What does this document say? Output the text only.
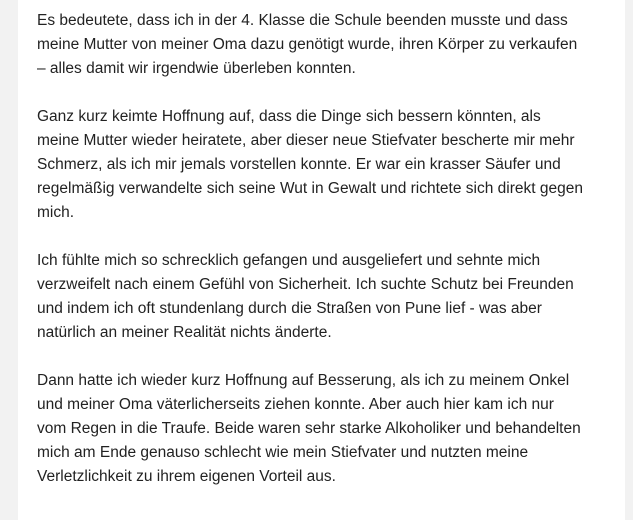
Es bedeutete, dass ich in der 4. Klasse die Schule beenden musste und dass
meine Mutter von meiner Oma dazu genötigt wurde, ihren Körper zu verkaufen
– alles damit wir irgendwie überleben konnten.

Ganz kurz keimte Hoffnung auf, dass die Dinge sich bessern könnten, als
meine Mutter wieder heiratete, aber dieser neue Stiefvater bescherte mir mehr
Schmerz, als ich mir jemals vorstellen konnte. Er war ein krasser Säufer und
regelmäßig verwandelte sich seine Wut in Gewalt und richtete sich direkt gegen
mich.

Ich fühlte mich so schrecklich gefangen und ausgeliefert und sehnte mich
verzweifelt nach einem Gefühl von Sicherheit. Ich suchte Schutz bei Freunden
und indem ich oft stundenlang durch die Straßen von Pune lief - was aber
natürlich an meiner Realität nichts änderte.

Dann hatte ich wieder kurz Hoffnung auf Besserung, als ich zu meinem Onkel
und meiner Oma väterlicherseits ziehen konnte. Aber auch hier kam ich nur
vom Regen in die Traufe. Beide waren sehr starke Alkoholiker und behandelten
mich am Ende genauso schlecht wie mein Stiefvater und nutzten meine
Verletzlichkeit zu ihrem eigenen Vorteil aus.
